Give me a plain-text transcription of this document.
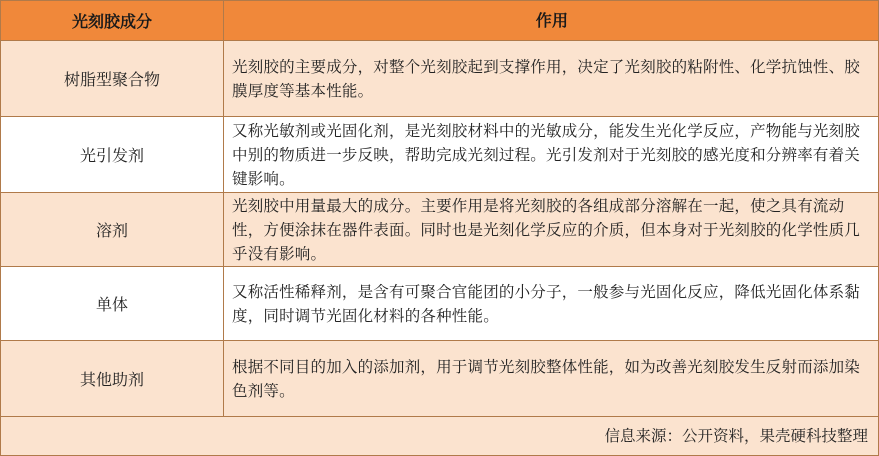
光刻胶成分	作用
树脂型聚合物
光刻胶的主要成分，对整个光刻胶起到支撑作用，决定了光刻胶的粘附性、化学抗蚀性、胶膜厚度等基本性能。
光引发剂
又称光敏剂或光固化剂，是光刻胶材料中的光敏成分，能发生光化学反应，产物能与光刻胶中别的物质进一步反映，帮助完成光刻过程。光引发剂对于光刻胶的感光度和分辨率有着关键影响。
溶剂
光刻胶中用量最大的成分。主要作用是将光刻胶的各组成部分溶解在一起，使之具有流动性，方便涂抹在器件表面。同时也是光刻化学反应的介质，但本身对于光刻胶的化学性质几乎没有影响。
单体
又称活性稀释剂，是含有可聚合官能团的小分子，一般参与光固化反应，降低光固化体系黏度，同时调节光固化材料的各种性能。
其他助剂
根据不同目的加入的添加剂，用于调节光刻胶整体性能，如为改善光刻胶发生反射而添加染色剂等。
信息来源：公开资料，果壳硬科技整理
